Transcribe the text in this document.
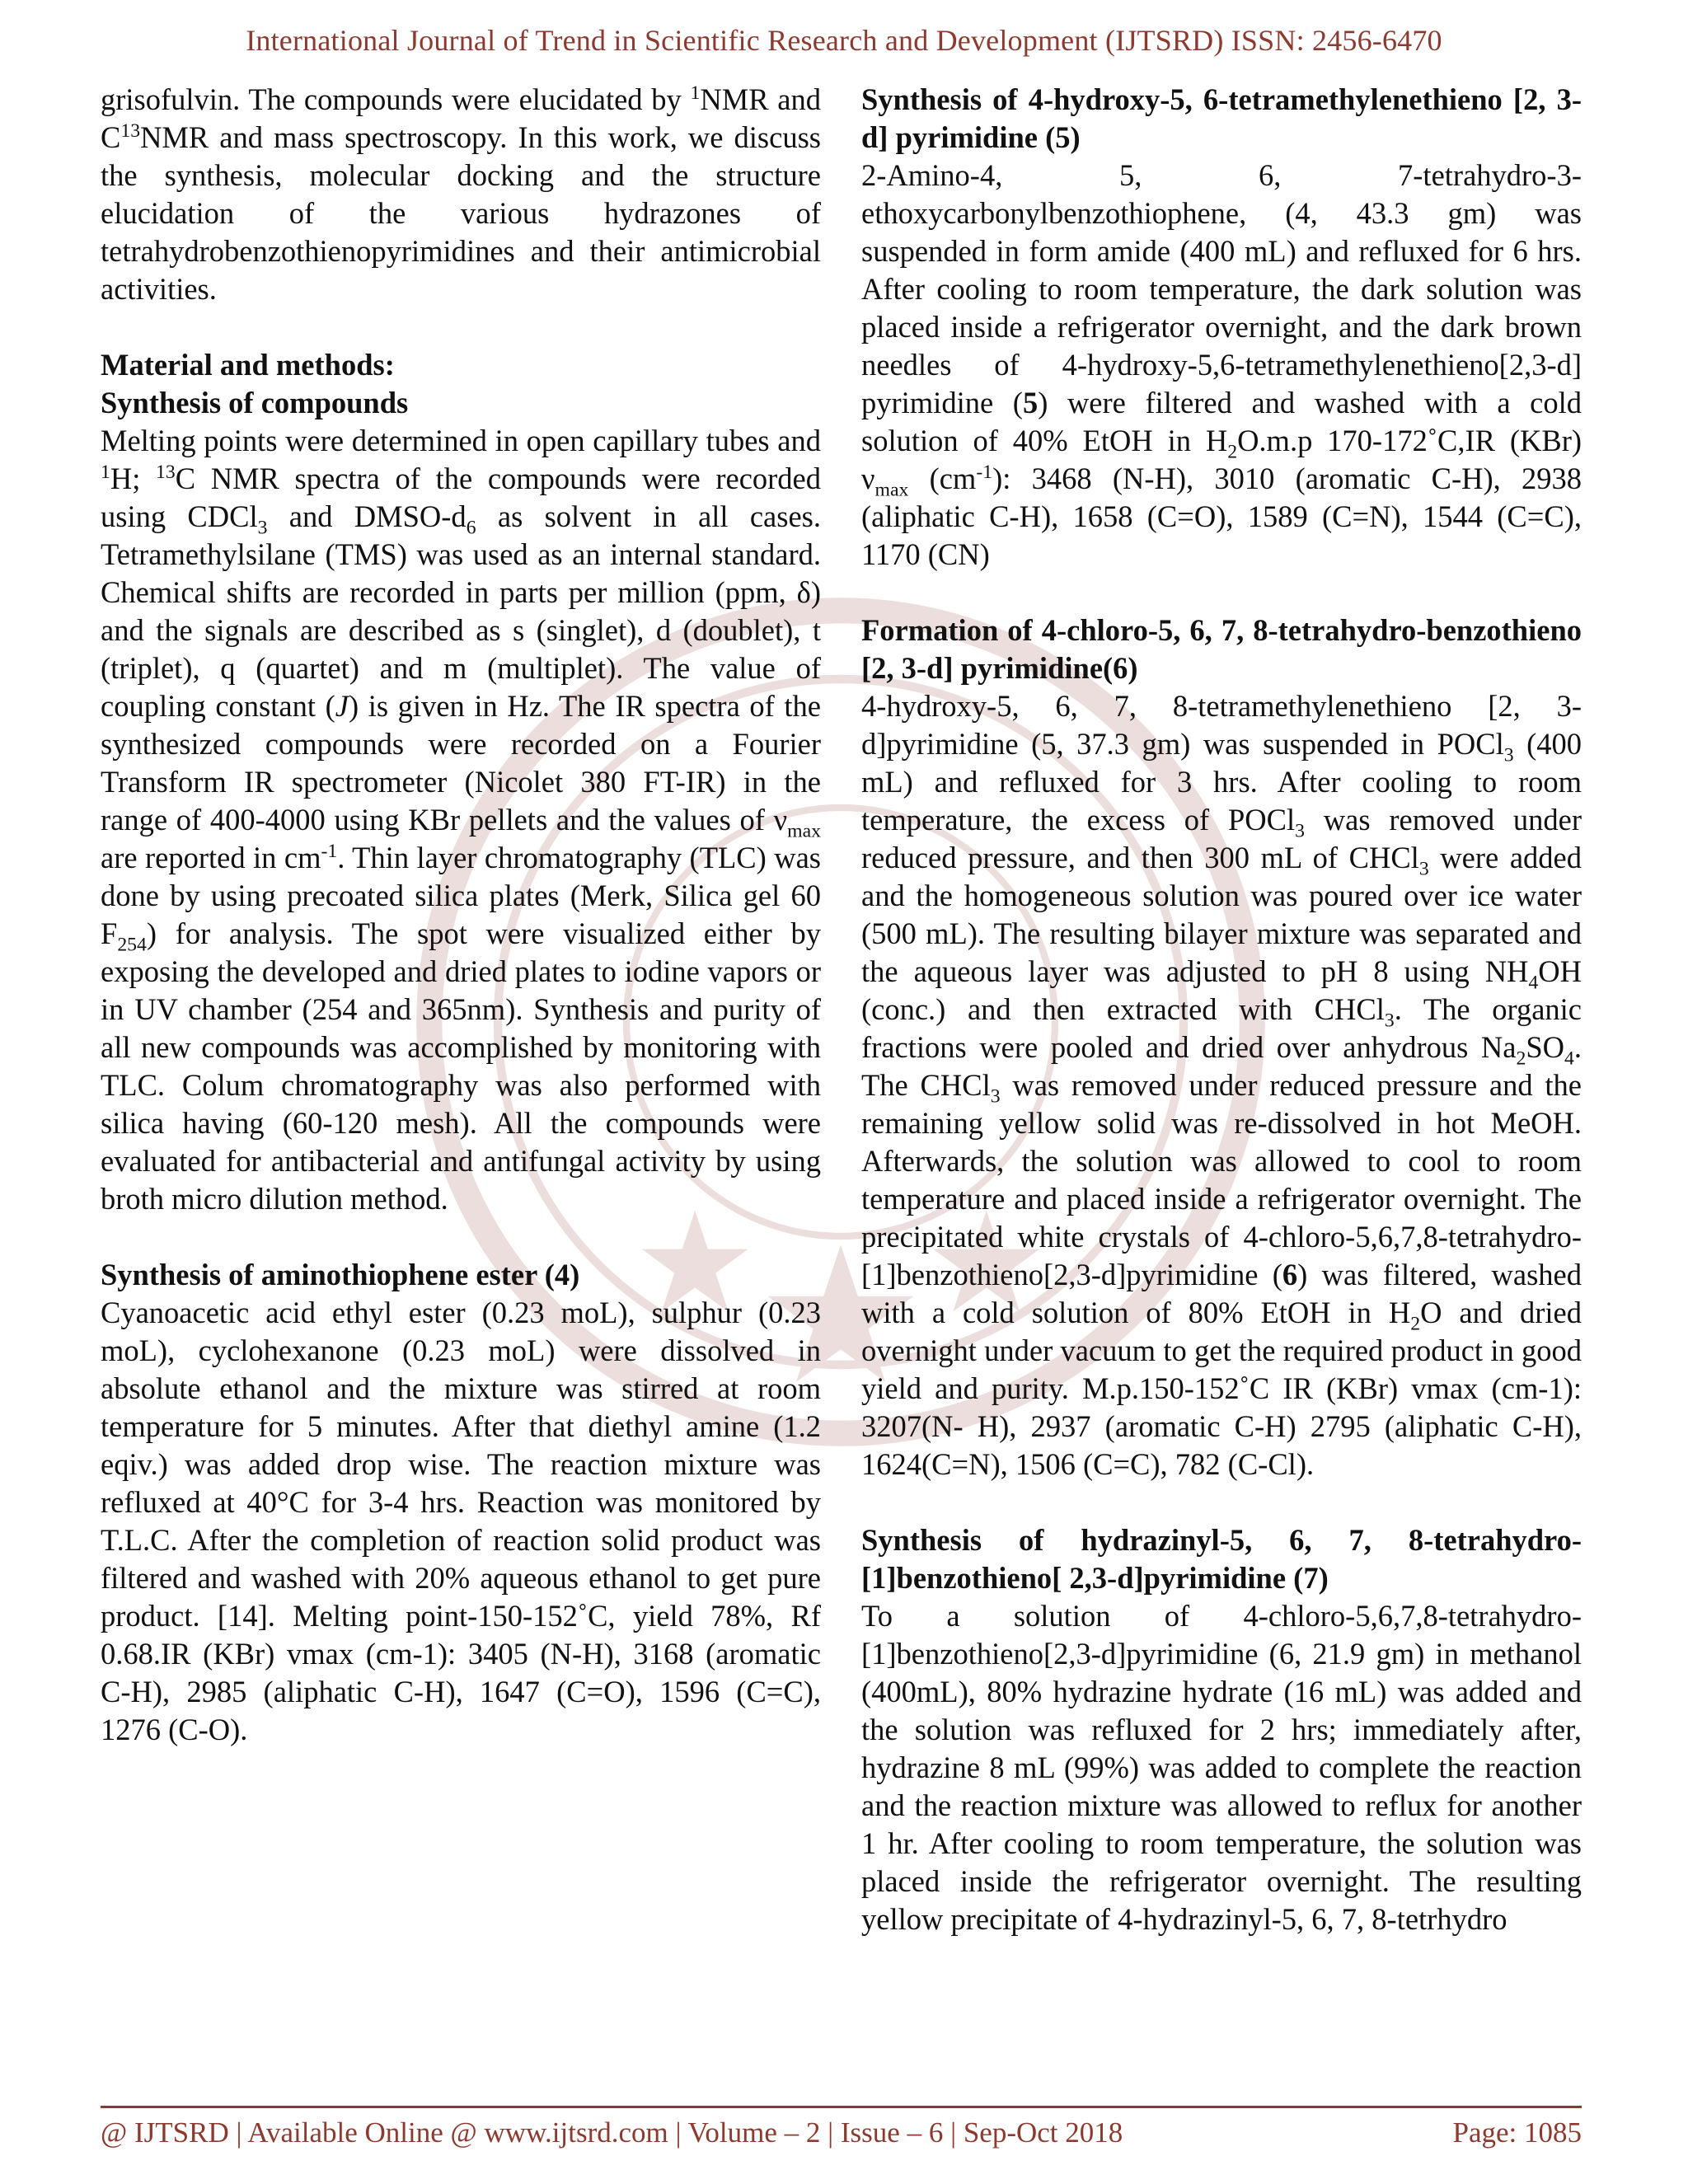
International Journal of Trend in Scientific Research and Development (IJTSRD) ISSN: 2456-6470

grisofulvin. The compounds were elucidated by $^1$NMR and $C^{13}NMR$ and mass spectroscopy. In this work, we discuss the synthesis, molecular docking and the structure elucidation of the various hydrazones of tetrahydrobenzothienopyrimidines and their antimicrobial activities.

Material and methods:
Synthesis of compounds

Melting points were determined in open capillary tubes and $^1$H; $^{13}$C NMR spectra of the compounds were recorded using CDCl$_3$ and DMSO-$d_6$ as solvent in all cases. Tetramethylsilane (TMS) was used as an internal standard. Chemical shifts are recorded in parts per million (ppm, δ) and the signals are described as s (singlet), d (doublet), t (triplet), q (quartet) and m (multiplet). The value of coupling constant (J) is given in Hz. The IR spectra of the synthesized compounds were recorded on a Fourier Transform IR spectrometer (Nicolet 380 FT-IR) in the range of 400-4000 using KBr pellets and the values of $\nu_{max}$ are reported in $cm^{-1}$. Thin layer chromatography (TLC) was done by using precoated silica plates (Merk, Silica gel 60 $F_{254}$) for analysis. The spot were visualized either by exposing the developed and dried plates to iodine vapors or in UV chamber (254 and 365nm). Synthesis and purity of all new compounds was accomplished by monitoring with TLC. Colum chromatography was also performed with silica having (60-120 mesh). All the compounds were evaluated for antibacterial and antifungal activity by using broth micro dilution method.

Synthesis of aminothiophene ester (4)

Cyanoacetic acid ethyl ester (0.23 moL), sulphur (0.23 moL), cyclohexanone (0.23 moL) were dissolved in absolute ethanol and the mixture was stirred at room temperature for 5 minutes. After that diethyl amine (1.2 eqiv.) was added drop wise. The reaction mixture was refluxed at 40°C for 3-4 hrs. Reaction was monitored by T.L.C. After the completion of reaction solid product was filtered and washed with 20% aqueous ethanol to get pure product. [14]. Melting point-150-152˚C, yield 78%, Rf 0.68.IR (KBr) vmax (cm-1): 3405 (N-H), 3168 (aromatic C-H), 2985 (aliphatic C-H), 1647 (C=O), 1596 (C=C), 1276 (C-O).

Synthesis of 4-hydroxy-5, 6-tetramethylenethieno [2, 3-d] pyrimidine (5)

2-Amino-4, 5, 6, 7-tetrahydro-3-ethoxycarbonylbenzothiophene, (4, 43.3 gm) was suspended in form amide (400 mL) and refluxed for 6 hrs. After cooling to room temperature, the dark solution was placed inside a refrigerator overnight, and the dark brown needles of 4-hydroxy-5,6-tetramethylenethieno[2,3-d] pyrimidine (5) were filtered and washed with a cold solution of 40% EtOH in $H_2O.m.p$ 170-172˚C,IR (KBr) $\nu_{max}$ $(cm^{-1})$: 3468 (N-H), 3010 (aromatic C-H), 2938 (aliphatic C-H), 1658 (C=O), 1589 (C=N), 1544 (C=C), 1170 (CN)

Formation of 4-chloro-5, 6, 7, 8-tetrahydro-benzothieno [2, 3-d] pyrimidine(6)

4-hydroxy-5, 6, 7, 8-tetramethylenethieno [2, 3-d]pyrimidine (5, 37.3 gm) was suspended in POCl$_3$ (400 mL) and refluxed for 3 hrs. After cooling to room temperature, the excess of POCl$_3$ was removed under reduced pressure, and then 300 mL of CHCl$_3$ were added and the homogeneous solution was poured over ice water (500 mL). The resulting bilayer mixture was separated and the aqueous layer was adjusted to pH 8 using $NH_4OH$ (conc.) and then extracted with CHCl$_3$. The organic fractions were pooled and dried over anhydrous $Na_2SO_4$. The CHCl$_3$ was removed under reduced pressure and the remaining yellow solid was re-dissolved in hot MeOH. Afterwards, the solution was allowed to cool to room temperature and placed inside a refrigerator overnight. The precipitated white crystals of 4-chloro-5,6,7,8-tetrahydro-[1]benzothieno[2,3-d]pyrimidine (6) was filtered, washed with a cold solution of 80% EtOH in $H_2O$ and dried overnight under vacuum to get the required product in good yield and purity. M.p.150-152˚C IR (KBr) vmax (cm-1): 3207(N- H), 2937 (aromatic C-H) 2795 (aliphatic C-H), 1624(C=N), 1506 (C=C), 782 (C-Cl).

Synthesis of hydrazinyl-5, 6, 7, 8-tetrahydro-[1]benzothieno[ 2,3-d]pyrimidine (7)

To a solution of 4-chloro-5,6,7,8-tetrahydro-[1]benzothieno[2,3-d]pyrimidine (6, 21.9 gm) in methanol (400mL), 80% hydrazine hydrate (16 mL) was added and the solution was refluxed for 2 hrs; immediately after, hydrazine 8 mL (99%) was added to complete the reaction and the reaction mixture was allowed to reflux for another 1 hr. After cooling to room temperature, the solution was placed inside the refrigerator overnight. The resulting yellow precipitate of 4-hydrazinyl-5, 6, 7, 8-tetrhydro

@ IJTSRD | Available Online @ www.ijtsrd.com | Volume – 2 | Issue – 6 | Sep-Oct 2018	Page: 1085
